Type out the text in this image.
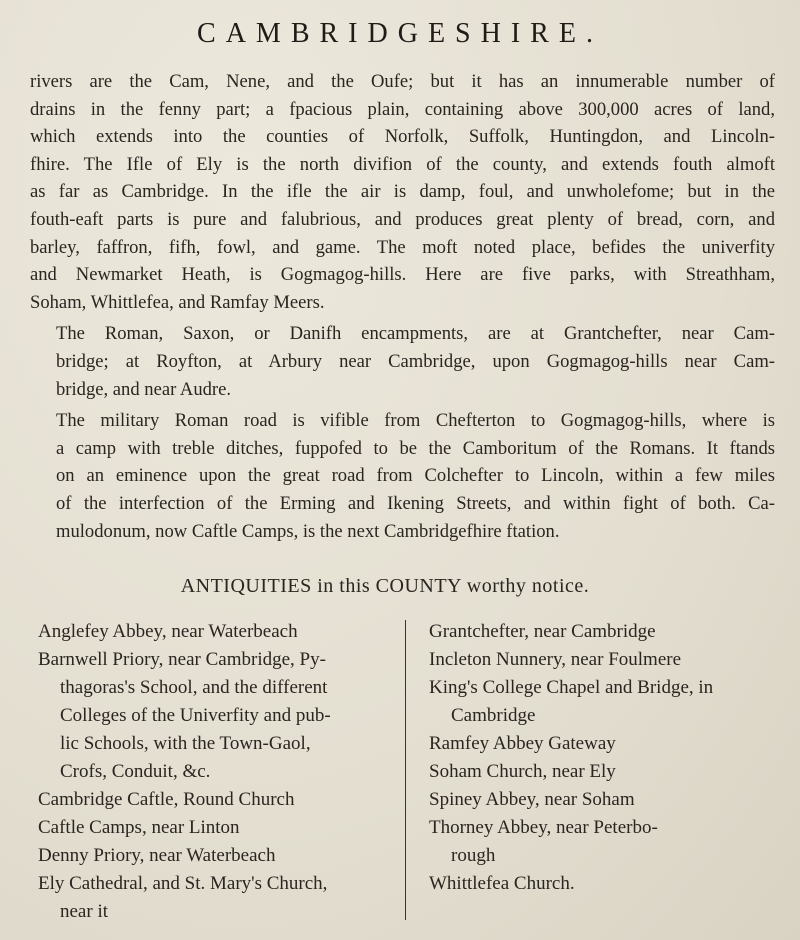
CAMBRIDGESHIRE.

rivers are the Cam, Nene, and the Oufe; but it has an innumerable number of
drains in the fenny part; a fpacious plain, containing above 300,000 acres of land,
which extends into the counties of Norfolk, Suffolk, Huntingdon, and Lincoln-
fhire. The Ifle of Ely is the north divifion of the county, and extends fouth almoft
as far as Cambridge. In the ifle the air is damp, foul, and unwholefome; but in the
fouth-eaft parts is pure and falubrious, and produces great plenty of bread, corn, and
barley, faffron, fifh, fowl, and game. The moft noted place, befides the univerfity
and Newmarket Heath, is Gogmagog-hills. Here are five parks, with Streathham,
Soham, Whittlefea, and Ramfay Meers.

The Roman, Saxon, or Danifh encampments, are at Grantchefter, near Cam-
bridge; at Royfton, at Arbury near Cambridge, upon Gogmagog-hills near Cam-
bridge, and near Audre.

The military Roman road is vifible from Chefterton to Gogmagog-hills, where is
a camp with treble ditches, fuppofed to be the Camboritum of the Romans. It ftands
on an eminence upon the great road from Colchefter to Lincoln, within a few miles
of the interfection of the Erming and Ikening Streets, and within fight of both. Ca-
mulodonum, now Caftle Camps, is the next Cambridgefhire ftation.

ANTIQUITIES in this COUNTY worthy notice.
Anglefey Abbey, near Waterbeach
Barnwell Priory, near Cambridge, Py-
thagoras's School, and the different
Colleges of the Univerfity and pub-
lic Schools, with the Town-Gaol,
Crofs, Conduit, &c.
Cambridge Caftle, Round Church
Caftle Camps, near Linton
Denny Priory, near Waterbeach
Ely Cathedral, and St. Mary's Church,
near it
Grantchefter, near Cambridge
Incleton Nunnery, near Foulmere
King's College Chapel and Bridge, in
Cambridge
Ramfey Abbey Gateway
Soham Church, near Ely
Spiney Abbey, near Soham
Thorney Abbey, near Peterbo-
rough
Whittlefea Church.
